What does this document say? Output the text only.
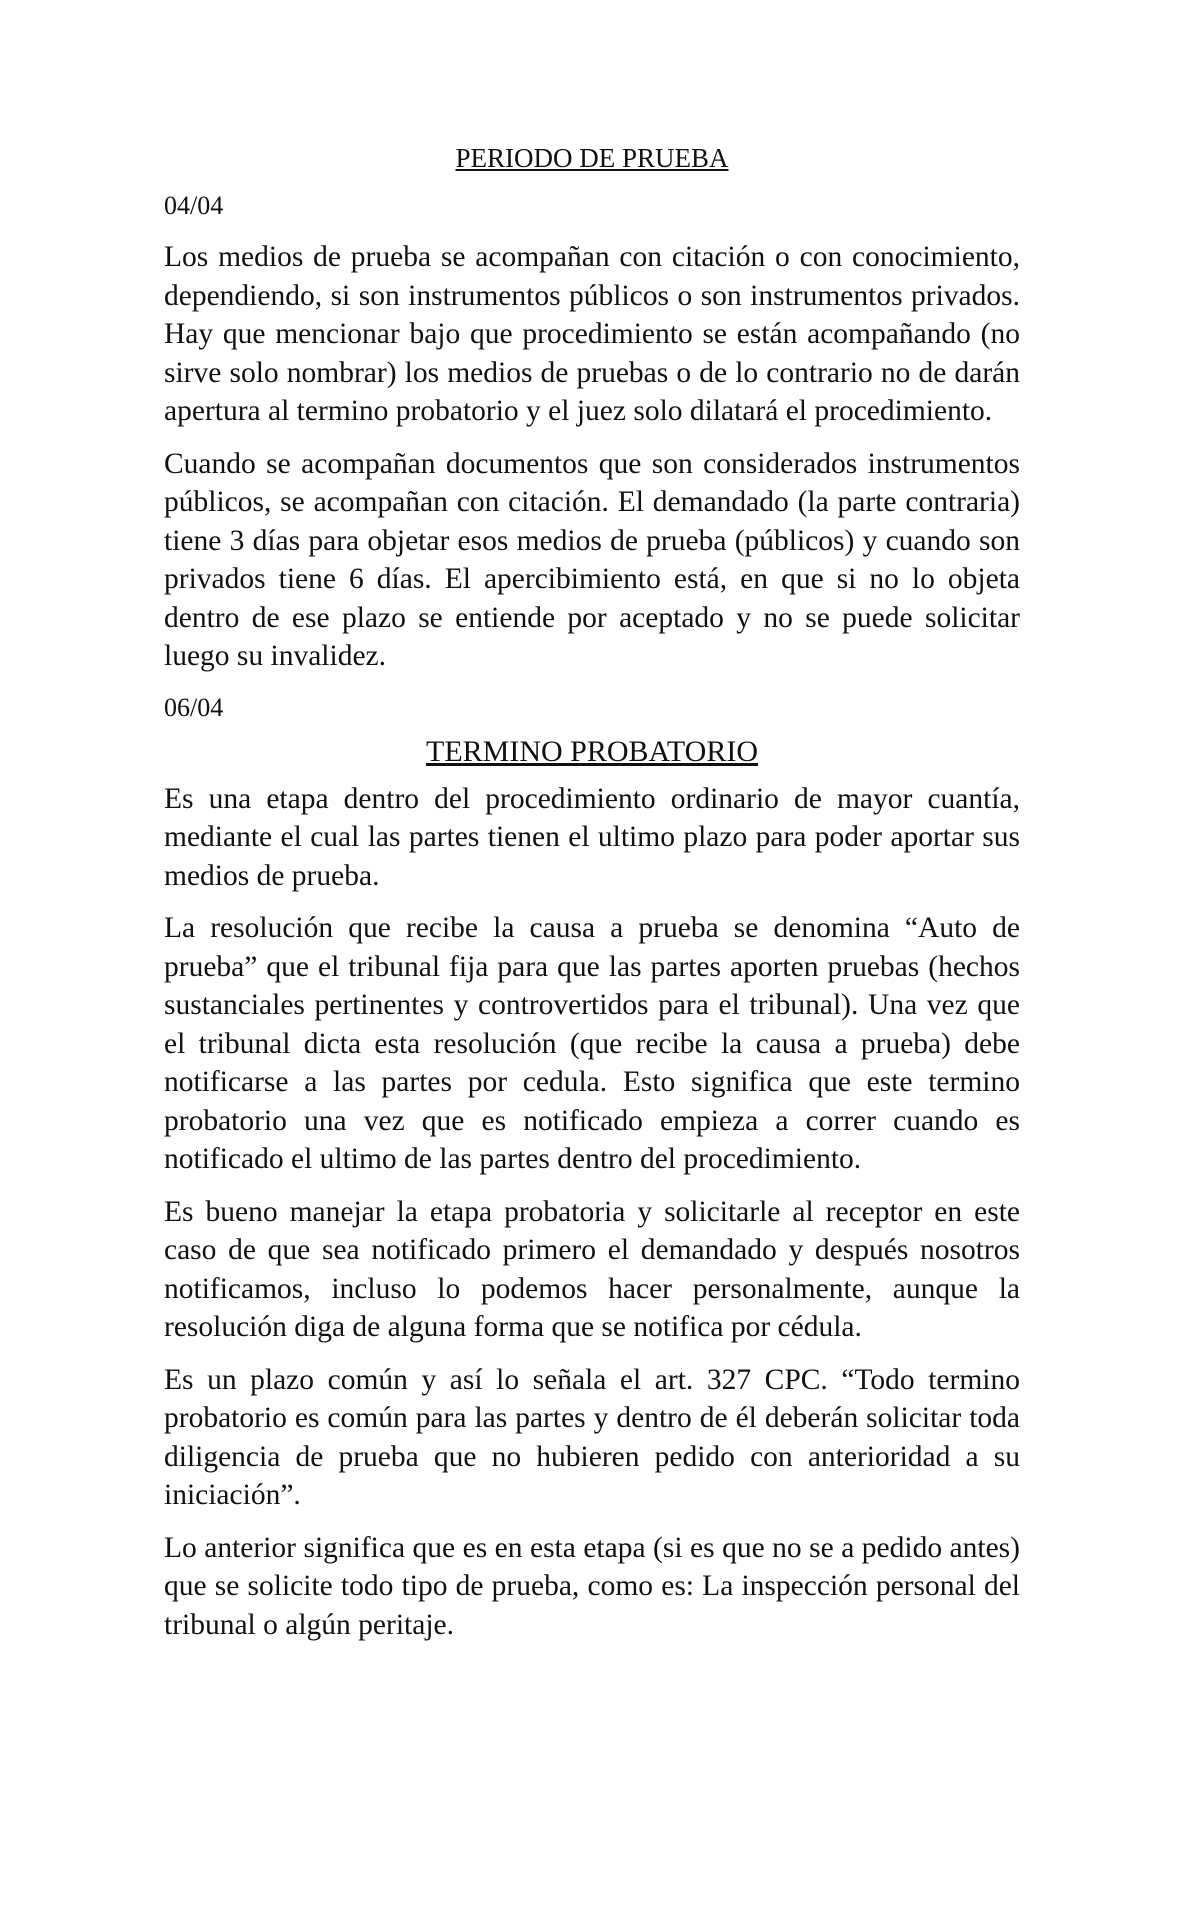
PERIODO DE PRUEBA

04/04

Los medios de prueba se acompañan con citación o con conocimiento, dependiendo, si son instrumentos públicos o son instrumentos privados. Hay que mencionar bajo que procedimiento se están acompañando (no sirve solo nombrar) los medios de pruebas o de lo contrario no de darán apertura al termino probatorio y el juez solo dilatará el procedimiento.

Cuando se acompañan documentos que son considerados instrumentos públicos, se acompañan con citación. El demandado (la parte contraria) tiene 3 días para objetar esos medios de prueba (públicos) y cuando son privados tiene 6 días. El apercibimiento está, en que si no lo objeta dentro de ese plazo se entiende por aceptado y no se puede solicitar luego su invalidez.

06/04

TERMINO PROBATORIO

Es una etapa dentro del procedimiento ordinario de mayor cuantía, mediante el cual las partes tienen el ultimo plazo para poder aportar sus medios de prueba.

La resolución que recibe la causa a prueba se denomina “Auto de prueba” que el tribunal fija para que las partes aporten pruebas (hechos sustanciales pertinentes y controvertidos para el tribunal). Una vez que el tribunal dicta esta resolución (que recibe la causa a prueba) debe notificarse a las partes por cedula. Esto significa que este termino probatorio una vez que es notificado empieza a correr cuando es notificado el ultimo de las partes dentro del procedimiento.

Es bueno manejar la etapa probatoria y solicitarle al receptor en este caso de que sea notificado primero el demandado y después nosotros notificamos, incluso lo podemos hacer personalmente, aunque la resolución diga de alguna forma que se notifica por cédula.

Es un plazo común y así lo señala el art. 327 CPC. “Todo termino probatorio es común para las partes y dentro de él deberán solicitar toda diligencia de prueba que no hubieren pedido con anterioridad a su iniciación”.

Lo anterior significa que es en esta etapa (si es que no se a pedido antes) que se solicite todo tipo de prueba, como es: La inspección personal del tribunal o algún peritaje.
